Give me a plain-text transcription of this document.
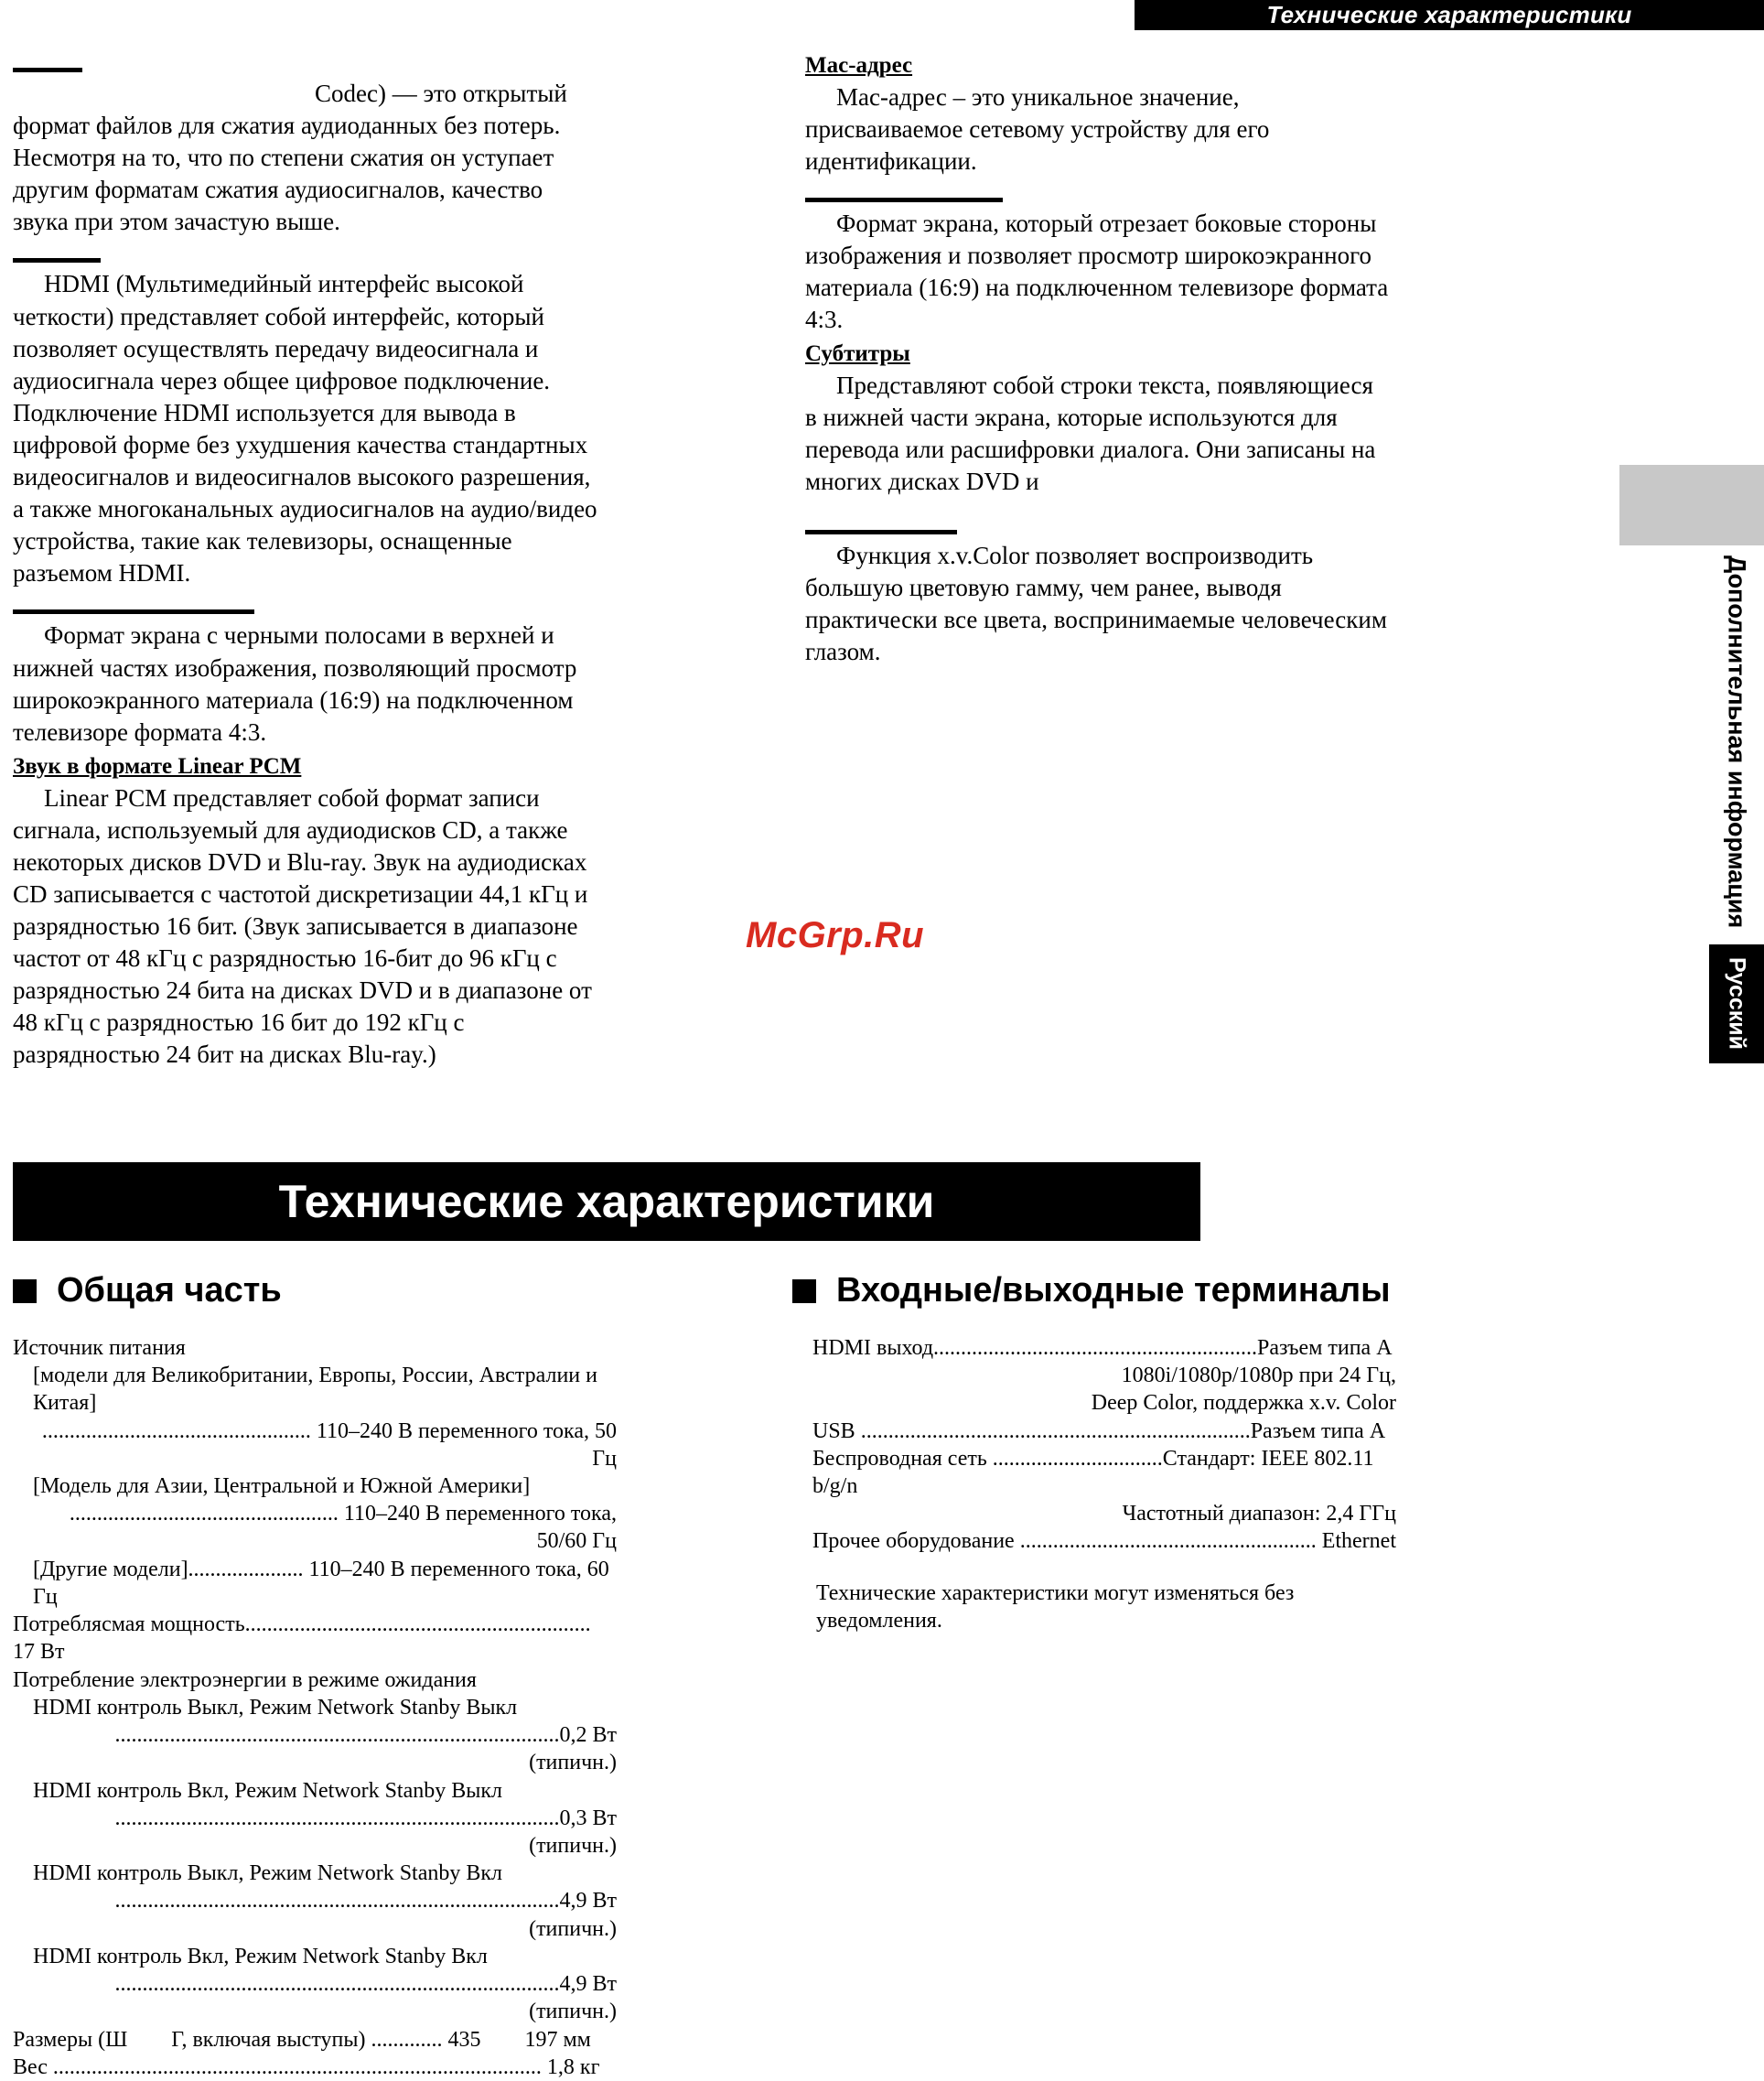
Технические характеристики

Codec) — это открытый формат файлов для сжатия аудиоданных без потерь. Несмотря на то, что по степени сжатия он уступает другим форматам сжатия аудиосигналов, качество звука при этом зачастую выше.

HDMI (Мультимедийный интерфейс высокой четкости) представляет собой интерфейс, который позволяет осуществлять передачу видеосигнала и аудиосигнала через общее цифровое подключение. Подключение HDMI используется для вывода в цифровой форме без ухудшения качества стандартных видеосигналов и видеосигналов высокого разрешения, а также многоканальных аудиосигналов на аудио/видео устройства, такие как телевизоры, оснащенные разъемом HDMI.

Формат экрана с черными полосами в верхней и нижней частях изображения, позволяющий просмотр широкоэкранного материала (16:9) на подключенном телевизоре формата 4:3.

Звук в формате Linear PCM

Linear PCM представляет собой формат записи сигнала, используемый для аудиодисков CD, а также некоторых дисков DVD и Blu-ray. Звук на аудиодисках CD записывается с частотой дискретизации 44,1 кГц и разрядностью 16 бит. (Звук записывается в диапазоне частот от 48 кГц с разрядностью 16-бит до 96 кГц с разрядностью 24 бита на дисках DVD и в диапазоне от 48 кГц с разрядностью 16 бит до 192 кГц с разрядностью 24 бит на дисках Blu-ray.)

Мас-адрес

Мас-адрес – это уникальное значение, присваиваемое сетевому устройству для его идентификации.

Формат экрана, который отрезает боковые стороны изображения и позволяет просмотр широкоэкранного материала (16:9) на подключенном телевизоре формата 4:3.

Субтитры

Представляют собой строки текста, появляющиеся в нижней части экрана, которые используются для перевода или расшифровки диалога. Они записаны на многих дисках DVD и

Функция x.v.Color позволяет воспроизводить большую цветовую гамму, чем ранее, выводя практически все цвета, воспринимаемые человеческим глазом.

McGrp.Ru
Технические характеристики
Общая часть

Источник питания

[модели для Великобритании, Европы, России, Австралии и Китая]

................................................. 110–240 В переменного тока, 50 Гц

[Модель для Азии, Центральной и Южной Америки]

................................................. 110–240 В переменного тока, 50/60 Гц

[Другие модели]..................... 110–240 В переменного тока, 60 Гц

Потреблясмая мощность............................................................... 17 Вт

Потребление электроэнергии в режиме ожидания

HDMI контроль Выкл, Режим Network Stanby Выкл

.................................................................................0,2 Вт (типичн.)

HDMI контроль Вкл, Режим Network Stanby Выкл

.................................................................................0,3 Вт (типичн.)

HDMI контроль Выкл, Режим Network Stanby Вкл

.................................................................................4,9 Вт (типичн.)

HDMI контроль Вкл, Режим Network Stanby Вкл

.................................................................................4,9 Вт (типичн.)

Размеры (Ш        Г, включая выступы) ............. 435        197 мм

Вес ......................................................................................... 1,8 кг

Входные/выходные терминалы

HDMI выход...........................................................Разъем типа А

1080i/1080p/1080p при 24 Гц,

Deep Color, поддержка x.v. Color

USB .......................................................................Разъем типа А

Беспроводная сеть ...............................Стандарт: IEEE 802.11 b/g/n

Частотный диапазон: 2,4 ГГц

Прочее оборудование ...................................................... Ethernet

Технические характеристики могут изменяться без уведомления.

Дополнительная информация
Русский
